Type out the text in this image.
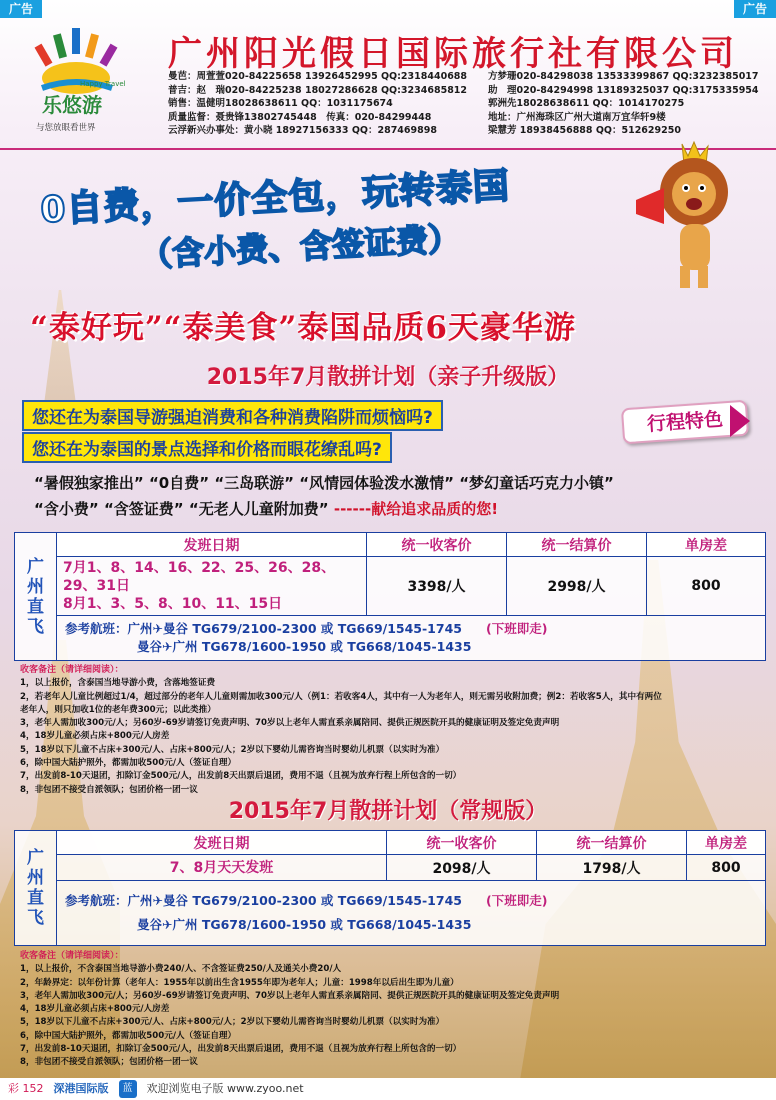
广告	广告
Happy Travel
乐悠游
与您放眼看世界
广州阳光假日国际旅行社有限公司
曼芭：周萱萱020-84225658 13926452995 QQ:2318440688	方梦珊020-84298038 13533399867 QQ:3232385017
普吉：赵　瑞020-84225238 18027286628 QQ:3234685812	助　理020-84294998 13189325037 QQ:3175335954
销售：温健明18028638611 QQ：1031175674	郭洲先18028638611 QQ：1014170275
质量监督：聂贵锋13802745448　传真：020-84299448	地址：广州海珠区广州大道南万宜华轩9楼
云浮新兴办事处：黄小晓 18927156333 QQ：287469898	梁慧芳 18938456888 QQ：512629250
0自费，一价全包，玩转泰国
（含小费、含签证费）
“泰好玩”“泰美食”泰国品质6天豪华游
2015年7月散拼计划（亲子升级版）
您还在为泰国导游强迫消费和各种消费陷阱而烦恼吗?
您还在为泰国的景点选择和价格而眼花缭乱吗?
行程特色
“暑假独家推出” “0自费” “三岛联游” “风情园体验泼水激情” “梦幻童话巧克力小镇”
“含小费” “含签证费” “无老人儿童附加费” ------献给追求品质的您!
广州直飞	发班日期	统一收客价	统一结算价	单房差

	7月1、8、14、16、22、25、26、28、
29、31日
8月1、3、5、8、10、11、15日	3398/人	2998/人	800

	参考航班：广州✈曼谷 TG679/2100-2300 或 TG669/1545-1745 (下班即走)
曼谷✈广州 TG678/1600-1950 或 TG668/1045-1435			
收客备注（请详细阅读）：
1，以上报价，含泰国当地导游小费，含落地签证费
2，若老年人儿童比例超过1/4，超过部分的老年人儿童则需加收300元/人（例1：若收客4人，其中有一人为老年人，则无需另收附加费；例2：若收客5人，其中有两位
老年人，则只加收1位的老年费300元；以此类推）
3，老年人需加收300元/人；另60岁-69岁请签订免责声明、70岁以上老年人需直系亲属陪同、提供正规医院开具的健康证明及签定免责声明
4，18岁儿童必须占床+800元/人房差
5，18岁以下儿童不占床+300元/人、占床+800元/人；2岁以下婴幼儿需咨询当时婴幼儿机票（以实时为准）
6，除中国大陆护照外，都需加收500元/人（签证自理）
7，出发前8-10天退团，扣除订金500元/人，出发前8天出票后退团，费用不退（且视为放弃行程上所包含的一切）
8，非包团不接受自派领队；包团价格一团一议
2015年7月散拼计划（常规版）
广州直飞	发班日期	统一收客价	统一结算价	单房差
	7、8月天天发班	2098/人	1798/人	800

	参考航班：广州✈曼谷 TG679/2100-2300 或 TG669/1545-1745 (下班即走)
曼谷✈广州 TG678/1600-1950 或 TG668/1045-1435			
收客备注（请详细阅读）：
1，以上报价，不含泰国当地导游小费240/人、不含签证费250/人及通关小费20/人
2，年龄界定：以年份计算（老年人：1955年以前出生含1955年即为老年人；儿童：1998年以后出生即为儿童）
3，老年人需加收300元/人；另60岁-69岁请签订免责声明、70岁以上老年人需直系亲属陪同、提供正规医院开具的健康证明及签定免责声明
4，18岁儿童必须占床+800元/人房差
5，18岁以下儿童不占床+300元/人、占床+800元/人；2岁以下婴幼儿需咨询当时婴幼儿机票（以实时为准）
6，除中国大陆护照外，都需加收500元/人（签证自理）
7，出发前8-10天退团，扣除订金500元/人，出发前8天出票后退团，费用不退（且视为放弃行程上所包含的一切）
8，非包团不接受自派领队；包团价格一团一议
彩 152 深港国际版	蓝	欢迎浏览电子版 www.zyoo.net
